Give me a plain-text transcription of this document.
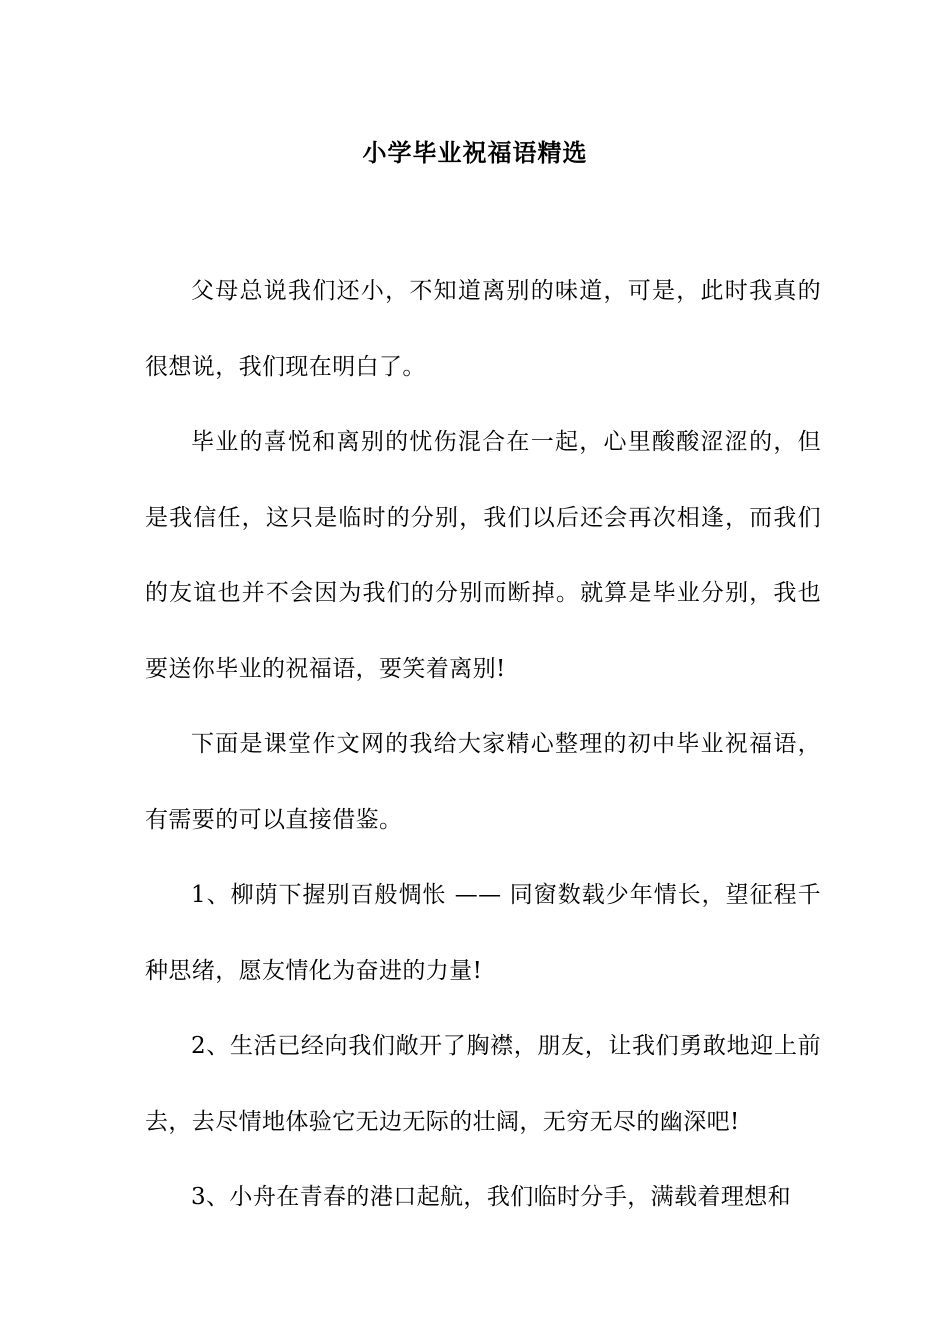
小学毕业祝福语精选

父母总说我们还小，不知道离别的味道，可是，此时我真的很想说，我们现在明白了。

毕业的喜悦和离别的忧伤混合在一起，心里酸酸涩涩的，但是我信任，这只是临时的分别，我们以后还会再次相逢，而我们的友谊也并不会因为我们的分别而断掉。就算是毕业分别，我也要送你毕业的祝福语，要笑着离别!

下面是课堂作文网的我给大家精心整理的初中毕业祝福语，有需要的可以直接借鉴。

1、柳荫下握别百般惆怅 —— 同窗数载少年情长，望征程千种思绪，愿友情化为奋进的力量!

2、生活已经向我们敞开了胸襟，朋友，让我们勇敢地迎上前去，去尽情地体验它无边无际的壮阔，无穷无尽的幽深吧!

3、小舟在青春的港口起航，我们临时分手，满载着理想和
